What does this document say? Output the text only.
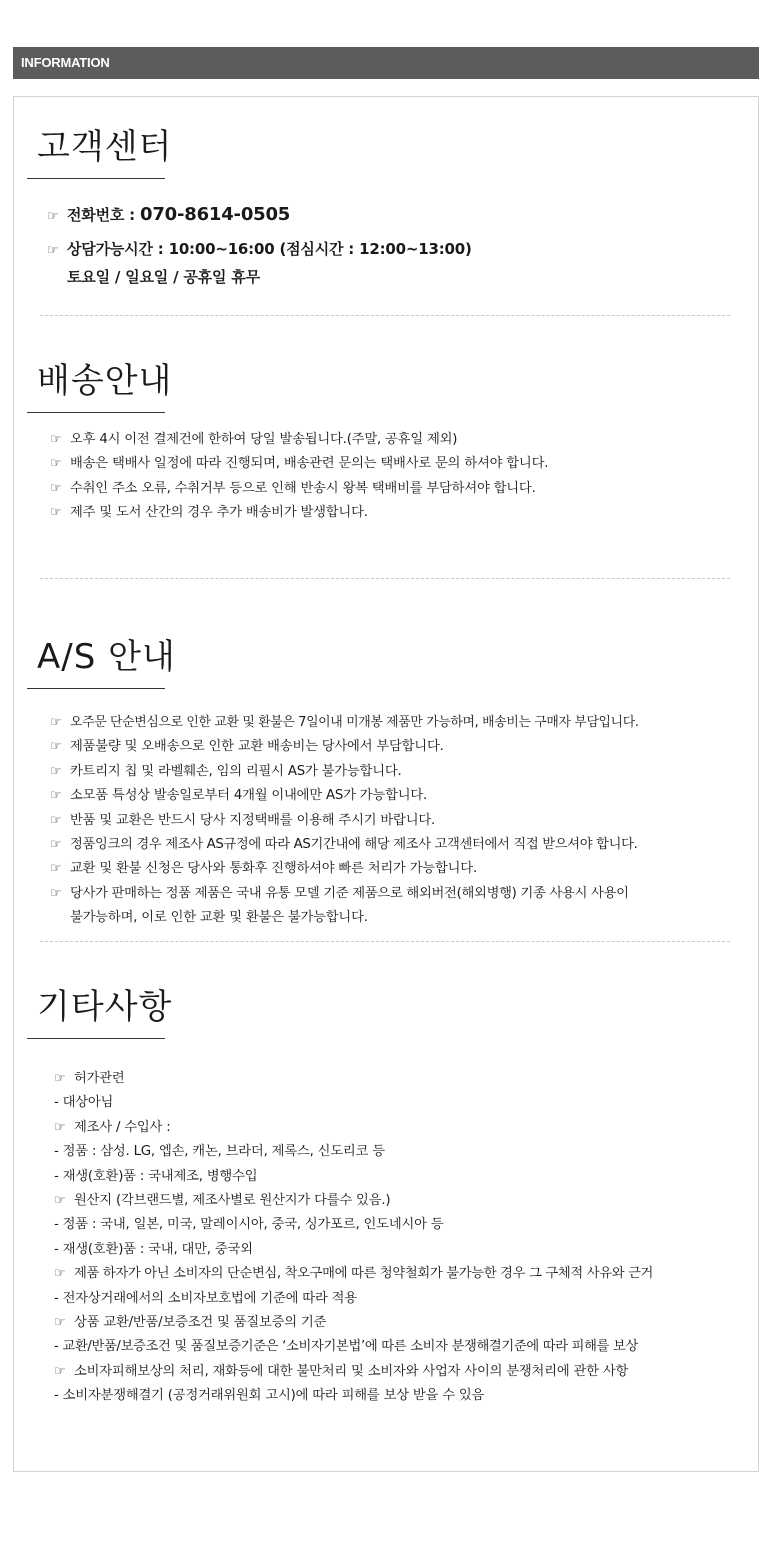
INFORMATION
고객센터
☞ 전화번호 : 070-8614-0505
☞ 상담가능시간 : 10:00~16:00 (점심시간 : 12:00~13:00)
토요일 / 일요일 / 공휴일 휴무
배송안내
☞ 오후 4시 이전 결제건에 한하여 당일 발송됩니다.(주말, 공휴일 제외)
☞ 배송은 택배사 일정에 따라 진행되며, 배송관련 문의는 택배사로 문의 하셔야 합니다.
☞ 수취인 주소 오류, 수취거부 등으로 인해 반송시 왕복 택배비를 부담하셔야 합니다.
☞ 제주 및 도서 산간의 경우 추가 배송비가 발생합니다.
A/S 안내
☞ 오주문 단순변심으로 인한 교환 및 환불은 7일이내 미개봉 제품만 가능하며, 배송비는 구매자 부담입니다.
☞ 제품불량 및 오배송으로 인한 교환 배송비는 당사에서 부담합니다.
☞ 카트리지 칩 및 라벨훼손, 임의 리필시 AS가 불가능합니다.
☞ 소모품 특성상 발송일로부터 4개월 이내에만 AS가 가능합니다.
☞ 반품 및 교환은 반드시 당사 지정택배를 이용해 주시기 바랍니다.
☞ 정품잉크의 경우 제조사 AS규정에 따라 AS기간내에 해당 제조사 고객센터에서 직접 받으셔야 합니다.
☞ 교환 및 환불 신청은 당사와 통화후 진행하셔야 빠른 처리가 가능합니다.
☞ 당사가 판매하는 정품 제품은 국내 유통 모델 기준 제품으로 해외버전(해외병행) 기종 사용시 사용이
불가능하며, 이로 인한 교환 및 환불은 불가능합니다.
기타사항
☞ 허가관련
- 대상아님
☞ 제조사 / 수입사 :
- 정품 : 삼성. LG, 엡손, 캐논, 브라더, 제록스, 신도리코 등
- 재생(호환)품 : 국내제조, 병행수입
☞ 원산지 (각브랜드별, 제조사별로 원산지가 다를수 있음.)
- 정품 : 국내, 일본, 미국, 말레이시아, 중국, 싱가포르, 인도네시아 등
- 재생(호환)품 : 국내, 대만, 중국외
☞ 제품 하자가 아닌 소비자의 단순변심, 착오구매에 따른 청약철회가 불가능한 경우 그 구체적 사유와 근거
- 전자상거래에서의 소비자보호법에 기준에 따라 적용
☞ 상품 교환/반품/보증조건 및 품질보증의 기준
- 교환/반품/보증조건 및 품질보증기준은 ‘소비자기본법’에 따른 소비자 분쟁해결기준에 따라 피해를 보상
☞ 소비자피해보상의 처리, 재화등에 대한 불만처리 및 소비자와 사업자 사이의 분쟁처리에 관한 사항
- 소비자분쟁해결기 (공정거래위원회 고시)에 따라 피해를 보상 받을 수 있음
